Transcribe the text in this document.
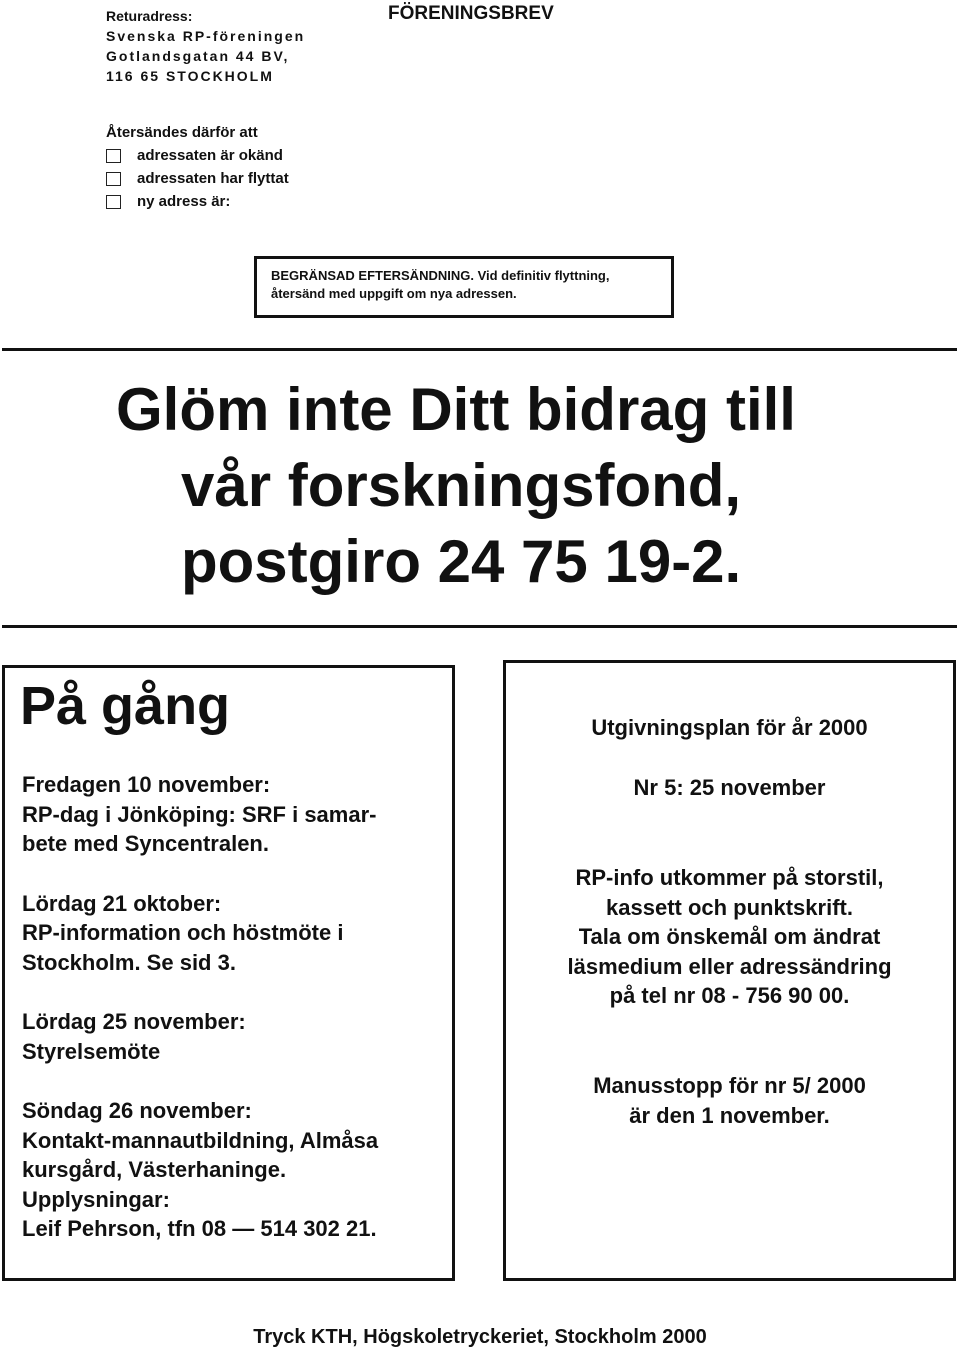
Returadress:
Svenska RP-föreningen
Gotlandsgatan 44 BV,
116 65 STOCKHOLM
FÖRENINGSBREV
Återsändes därför att
adressaten är okänd
adressaten har flyttat
ny adress är:
BEGRÄNSAD EFTERSÄNDNING. Vid definitiv flyttning,
återsänd med uppgift om nya adressen.
Glöm inte Ditt bidrag till
vår forskningsfond,
postgiro 24 75 19-2.
På gång
Fredagen 10 november:
RP-dag i Jönköping: SRF i samar-
bete med Syncentralen.
Lördag 21 oktober:
RP-information och höstmöte i
Stockholm. Se sid 3.
Lördag 25 november:
Styrelsemöte
Söndag 26 november:
Kontakt-mannautbildning, Almåsa
kursgård, Västerhaninge.
Upplysningar:
Leif Pehrson, tfn 08 — 514 302 21.
Utgivningsplan för år 2000
Nr 5: 25 november
RP-info utkommer på storstil,
kassett och punktskrift.
Tala om önskemål om ändrat
läsmedium eller adressändring
på tel nr 08 - 756 90 00.
Manusstopp för nr 5/ 2000
är den 1 november.
Tryck KTH, Högskoletryckeriet, Stockholm 2000
